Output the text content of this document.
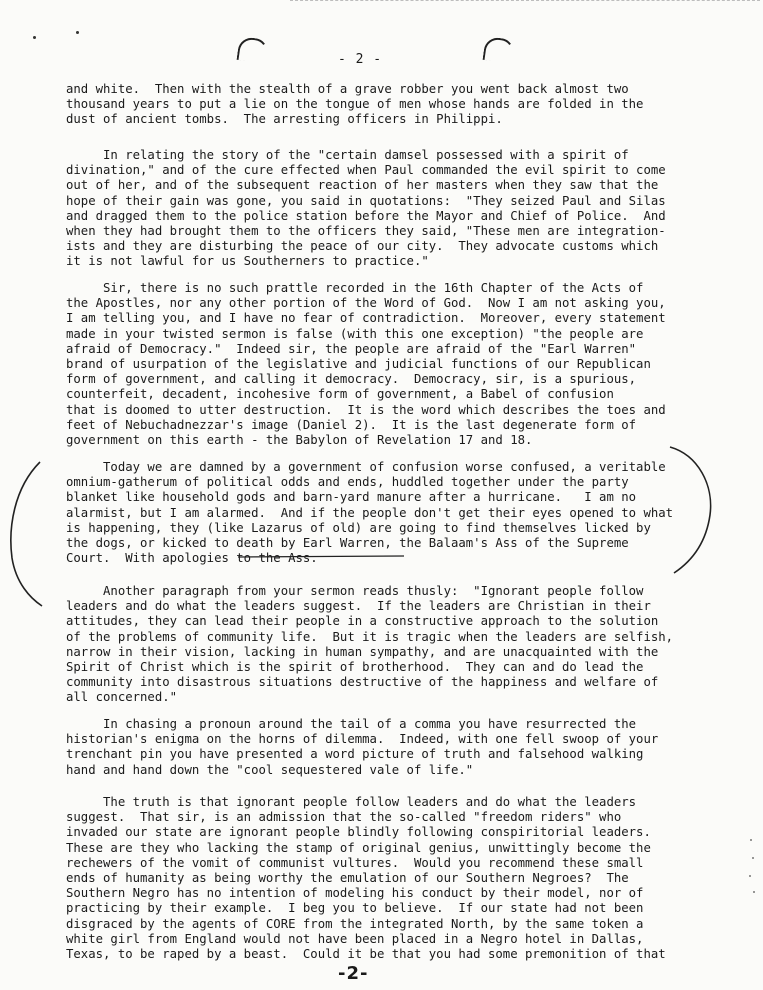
- 2 -
and white.  Then with the stealth of a grave robber you went back almost two
thousand years to put a lie on the tongue of men whose hands are folded in the
dust of ancient tombs.  The arresting officers in Philippi.
In relating the story of the "certain damsel possessed with a spirit of
divination," and of the cure effected when Paul commanded the evil spirit to come
out of her, and of the subsequent reaction of her masters when they saw that the
hope of their gain was gone, you said in quotations:  "They seized Paul and Silas
and dragged them to the police station before the Mayor and Chief of Police.  And
when they had brought them to the officers they said, "These men are integration-
ists and they are disturbing the peace of our city.  They advocate customs which
it is not lawful for us Southerners to practice."
Sir, there is no such prattle recorded in the 16th Chapter of the Acts of
the Apostles, nor any other portion of the Word of God.  Now I am not asking you,
I am telling you, and I have no fear of contradiction.  Moreover, every statement
made in your twisted sermon is false (with this one exception) "the people are
afraid of Democracy."  Indeed sir, the people are afraid of the "Earl Warren"
brand of usurpation of the legislative and judicial functions of our Republican
form of government, and calling it democracy.  Democracy, sir, is a spurious,
counterfeit, decadent, incohesive form of government, a Babel of confusion
that is doomed to utter destruction.  It is the word which describes the toes and
feet of Nebuchadnezzar's image (Daniel 2).  It is the last degenerate form of
government on this earth - the Babylon of Revelation 17 and 18.
Today we are damned by a government of confusion worse confused, a veritable
omnium-gatherum of political odds and ends, huddled together under the party
blanket like household gods and barn-yard manure after a hurricane.   I am no
alarmist, but I am alarmed.  And if the people don't get their eyes opened to what
is happening, they (like Lazarus of old) are going to find themselves licked by
the dogs, or kicked to death by Earl Warren, the Balaam's Ass of the Supreme
Court.  With apologies to the Ass.
Another paragraph from your sermon reads thusly:  "Ignorant people follow
leaders and do what the leaders suggest.  If the leaders are Christian in their
attitudes, they can lead their people in a constructive approach to the solution
of the problems of community life.  But it is tragic when the leaders are selfish,
narrow in their vision, lacking in human sympathy, and are unacquainted with the
Spirit of Christ which is the spirit of brotherhood.  They can and do lead the
community into disastrous situations destructive of the happiness and welfare of
all concerned."
In chasing a pronoun around the tail of a comma you have resurrected the
historian's enigma on the horns of dilemma.  Indeed, with one fell swoop of your
trenchant pin you have presented a word picture of truth and falsehood walking
hand and hand down the "cool sequestered vale of life."
The truth is that ignorant people follow leaders and do what the leaders
suggest.  That sir, is an admission that the so-called "freedom riders" who
invaded our state are ignorant people blindly following conspiritorial leaders.
These are they who lacking the stamp of original genius, unwittingly become the
rechewers of the vomit of communist vultures.  Would you recommend these small
ends of humanity as being worthy the emulation of our Southern Negroes?  The
Southern Negro has no intention of modeling his conduct by their model, nor of
practicing by their example.  I beg you to believe.  If our state had not been
disgraced by the agents of CORE from the integrated North, by the same token a
white girl from England would not have been placed in a Negro hotel in Dallas,
Texas, to be raped by a beast.  Could it be that you had some premonition of that
-2-
